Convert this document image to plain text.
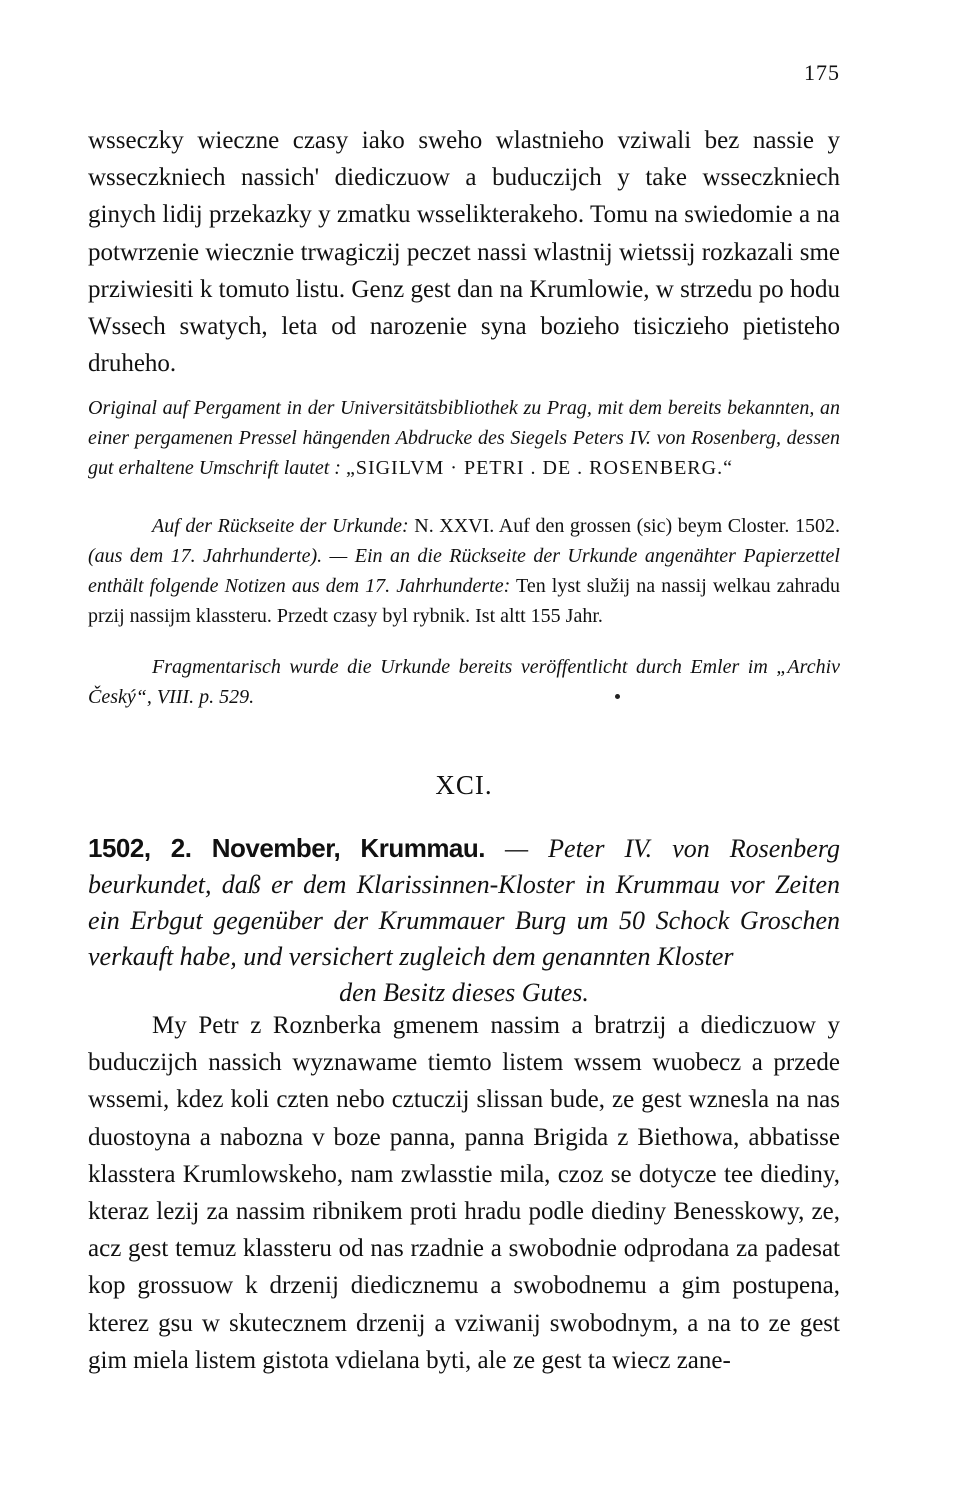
175

wsseczky wieczne czasy iako sweho wlastnieho vziwali bez nassie y wsseczkniech nassich' diediczuow a buduczijch y take wsseczkniech ginych lidij przekazky y zmatku wsselikterakeho. Tomu na swiedomie a na potwrzenie wiecznie trwagiczij peczet nassi wlastnij wietssij rozkazali sme prziwiesiti k tomuto listu. Genz gest dan na Krumlowie, w strzedu po hodu Wssech swatych, leta od narozenie syna bozieho tisiczieho pietisteho druheho.

Original auf Pergament in der Universitätsbibliothek zu Prag, mit dem bereits bekannten, an einer pergamenen Pressel hängenden Abdrucke des Siegels Peters IV. von Rosenberg, dessen gut erhaltene Umschrift lautet : „SIGILVM · PETRI . DE . ROSENBERG.“

Auf der Rückseite der Urkunde: N. XXVI. Auf den grossen (sic) beym Closter. 1502. (aus dem 17. Jahrhunderte). — Ein an die Rückseite der Urkunde angenähter Papierzettel enthält folgende Notizen aus dem 17. Jahrhunderte: Ten lyst služij na nassij welkau zahradu przij nassijm klassteru. Przedt czasy byl rybnik. Ist altt 155 Jahr.

Fragmentarisch wurde die Urkunde bereits veröffentlicht durch Emler im „Archiv Český“, VIII. p. 529.

XCI.

1502, 2. November, Krummau. — Peter IV. von Rosenberg beurkundet, daß er dem Klarissinnen-Kloster in Krummau vor Zeiten ein Erbgut gegenüber der Krummauer Burg um 50 Schock Groschen verkauft habe, und versichert zugleich dem genannten Kloster
den Besitz dieses Gutes.

My Petr z Roznberka gmenem nassim a bratrzij a diediczuow y buduczijch nassich wyznawame tiemto listem wssem wuobecz a przede wssemi, kdez koli czten nebo cztuczij slissan bude, ze gest wznesla na nas duostoyna a nabozna v boze panna, panna Brigida z Biethowa, abbatisse klasstera Krumlowskeho, nam zwlasstie mila, czoz se dotycze tee diediny, kteraz lezij za nassim ribnikem proti hradu podle diediny Benesskowy, ze, acz gest temuz klassteru od nas rzadnie a swobodnie odprodana za padesat kop grossuow k drzenij diedicznemu a swobodnemu a gim postupena, kterez gsu w skutecznem drzenij a vziwanij swobodnym, a na to ze gest gim miela listem gistota vdielana byti, ale ze gest ta wiecz zane-
